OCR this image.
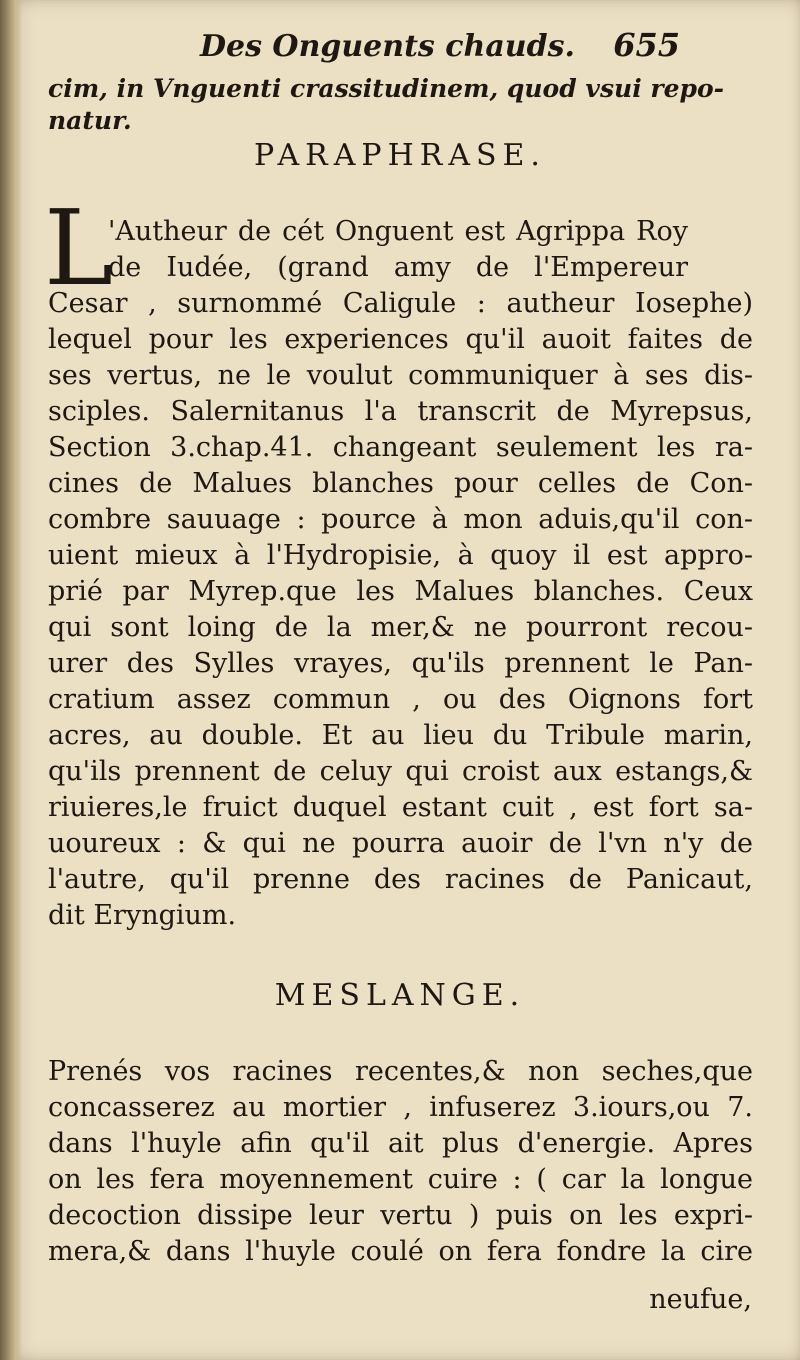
Des Onguents chauds. 655
cim, in Vnguenti crassitudinem, quod vsui repo-
natur.
PARAPHRASE.
L
'Autheur de cét Onguent est Agrippa Roy
de Iudée, (grand amy de l'Empereur
Cesar , surnommé Caligule : autheur Iosephe)
lequel pour les experiences qu'il auoit faites de
ses vertus, ne le voulut communiquer à ses dis-
sciples. Salernitanus l'a transcrit de Myrepsus,
Section 3.chap.41. changeant seulement les ra-
cines de Malues blanches pour celles de Con-
combre sauuage : pource à mon aduis,qu'il con-
uient mieux à l'Hydropisie, à quoy il est appro-
prié par Myrep.que les Malues blanches. Ceux
qui sont loing de la mer,& ne pourront recou-
urer des Sylles vrayes, qu'ils prennent le Pan-
cratium assez commun , ou des Oignons fort
acres, au double. Et au lieu du Tribule marin,
qu'ils prennent de celuy qui croist aux estangs,&
riuieres,le fruict duquel estant cuit , est fort sa-
uoureux : & qui ne pourra auoir de l'vn n'y de
l'autre, qu'il prenne des racines de Panicaut,
dit Eryngium.
MESLANGE.
Prenés vos racines recentes,& non seches,que
concasserez au mortier , infuserez 3.iours,ou 7.
dans l'huyle afin qu'il ait plus d'energie. Apres
on les fera moyennement cuire : ( car la longue
decoction dissipe leur vertu ) puis on les expri-
mera,& dans l'huyle coulé on fera fondre la cire
neufue,
